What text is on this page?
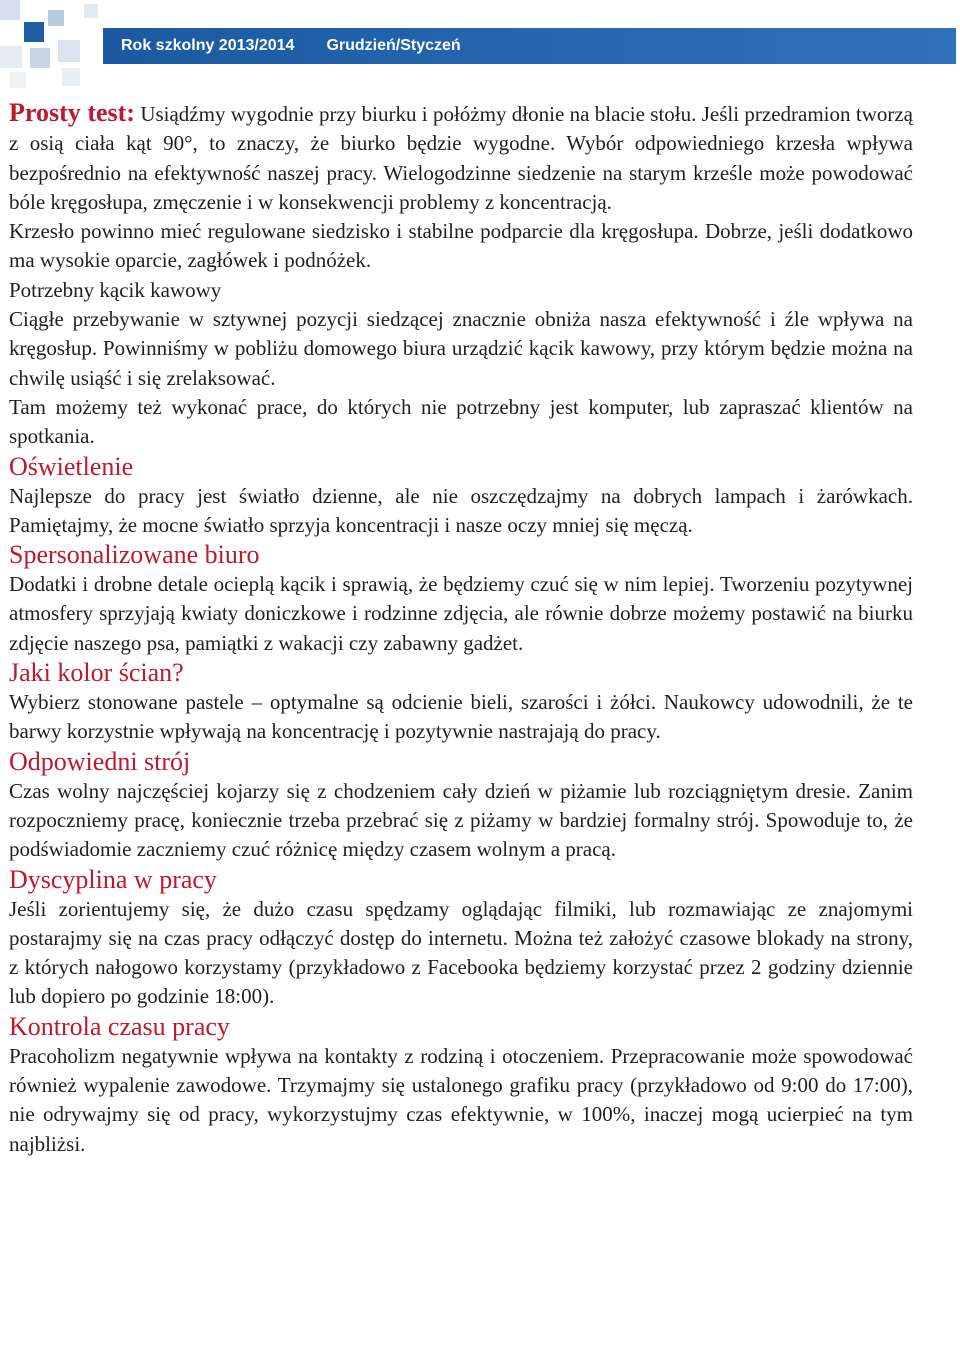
Rok szkolny 2013/2014 Grudzień/Styczeń

Prosty test: Usiądźmy wygodnie przy biurku i połóżmy dłonie na blacie stołu. Jeśli przedramion tworzą z osią ciała kąt 90°, to znaczy, że biurko będzie wygodne. Wybór odpowiedniego krzesła wpływa bezpośrednio na efektywność naszej pracy. Wielogodzinne siedzenie na starym krześle może powodować bóle kręgosłupa, zmęczenie i w konsekwencji problemy z koncentracją.

Krzesło powinno mieć regulowane siedzisko i stabilne podparcie dla kręgosłupa. Dobrze, jeśli dodatkowo ma wysokie oparcie, zagłówek i podnóżek.

Potrzebny kącik kawowy

Ciągłe przebywanie w sztywnej pozycji siedzącej znacznie obniża nasza efektywność i źle wpływa na kręgosłup. Powinniśmy w pobliżu domowego biura urządzić kącik kawowy, przy którym będzie można na chwilę usiąść i się zrelaksować.

Tam możemy też wykonać prace, do których nie potrzebny jest komputer, lub zapraszać klientów na spotkania.

Oświetlenie

Najlepsze do pracy jest światło dzienne, ale nie oszczędzajmy na dobrych lampach i żarówkach. Pamiętajmy, że mocne światło sprzyja koncentracji i nasze oczy mniej się męczą.

Spersonalizowane biuro

Dodatki i drobne detale ocieplą kącik i sprawią, że będziemy czuć się w nim lepiej. Tworzeniu pozytywnej atmosfery sprzyjają kwiaty doniczkowe i rodzinne zdjęcia, ale równie dobrze możemy postawić na biurku zdjęcie naszego psa, pamiątki z wakacji czy zabawny gadżet.

Jaki kolor ścian?

Wybierz stonowane pastele – optymalne są odcienie bieli, szarości i żółci. Naukowcy udowodnili, że te barwy korzystnie wpływają na koncentrację i pozytywnie nastrajają do pracy.

Odpowiedni strój

Czas wolny najczęściej kojarzy się z chodzeniem cały dzień w piżamie lub rozciągniętym dresie. Zanim rozpoczniemy pracę, koniecznie trzeba przebrać się z piżamy w bardziej formalny strój. Spowoduje to, że podświadomie zaczniemy czuć różnicę między czasem wolnym a pracą.

Dyscyplina w pracy

Jeśli zorientujemy się, że dużo czasu spędzamy oglądając filmiki, lub rozmawiając ze znajomymi postarajmy się na czas pracy odłączyć dostęp do internetu. Można też założyć czasowe blokady na strony, z których nałogowo korzystamy (przykładowo z Facebooka będziemy korzystać przez 2 godziny dziennie lub dopiero po godzinie 18:00).

Kontrola czasu pracy

Pracoholizm negatywnie wpływa na kontakty z rodziną i otoczeniem. Przepracowanie może spowodować również wypalenie zawodowe. Trzymajmy się ustalonego grafiku pracy (przykładowo od 9:00 do 17:00), nie odrywajmy się od pracy, wykorzystujmy czas efektywnie, w 100%, inaczej mogą ucierpieć na tym najbliżsi.
